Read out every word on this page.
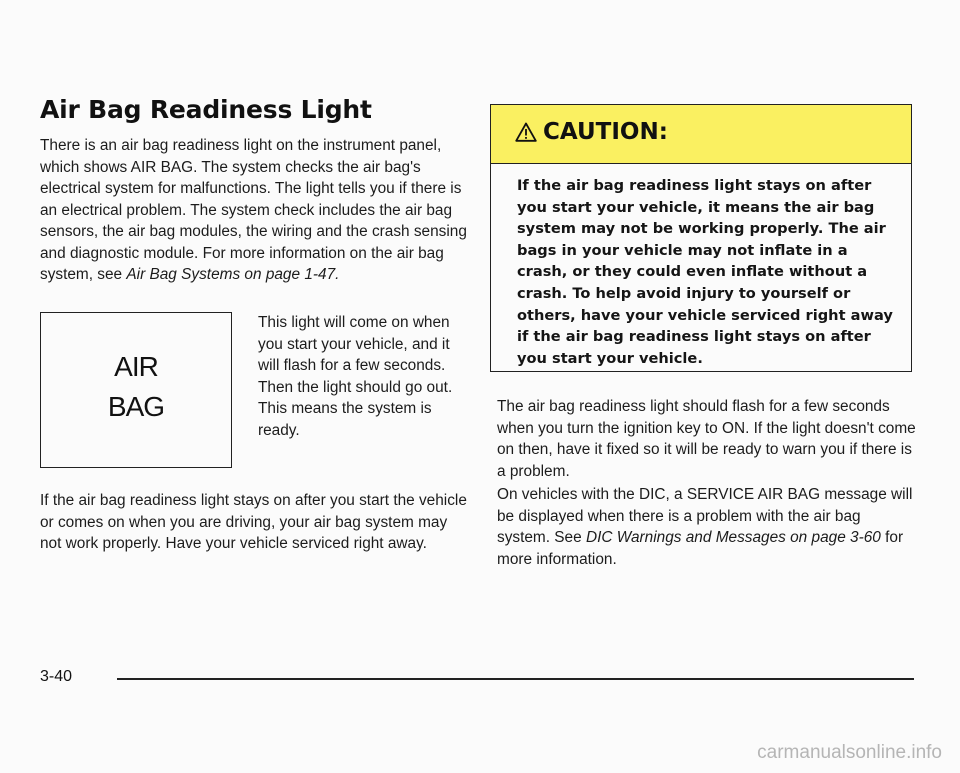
Air Bag Readiness Light

There is an air bag readiness light on the instrument panel, which shows AIR BAG. The system checks the air bag's electrical system for malfunctions. The light tells you if there is an electrical problem. The system check includes the air bag sensors, the air bag modules, the wiring and the crash sensing and diagnostic module. For more information on the air bag system, see Air Bag Systems on page 1-47.

AIR
BAG

This light will come on when you start your vehicle, and it will flash for a few seconds. Then the light should go out. This means the system is ready.

If the air bag readiness light stays on after you start the vehicle or comes on when you are driving, your air bag system may not work properly. Have your vehicle serviced right away.

CAUTION:

If the air bag readiness light stays on after you start your vehicle, it means the air bag system may not be working properly. The air bags in your vehicle may not inflate in a crash, or they could even inflate without a crash. To help avoid injury to yourself or others, have your vehicle serviced right away if the air bag readiness light stays on after you start your vehicle.

The air bag readiness light should flash for a few seconds when you turn the ignition key to ON. If the light doesn't come on then, have it fixed so it will be ready to warn you if there is a problem.

On vehicles with the DIC, a SERVICE AIR BAG message will be displayed when there is a problem with the air bag system. See DIC Warnings and Messages on page 3-60 for more information.

3-40
carmanualsonline.info
